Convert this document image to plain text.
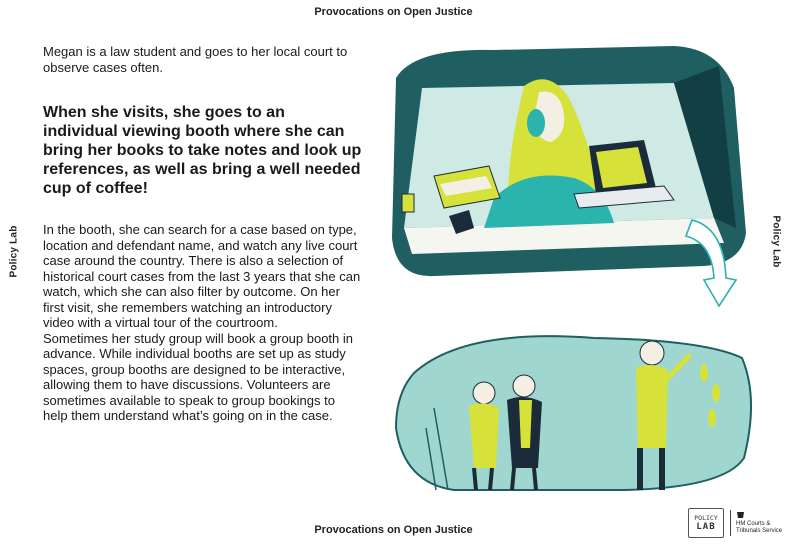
Provocations on Open Justice
Policy Lab	Policy Lab

Megan is a law student and goes to her local court to observe cases often.

When she visits, she goes to an individual viewing booth where she can bring her books to take notes and look up references, as well as bring a well needed cup of coffee!

In the booth, she can search for a case based on type, location and defendant name, and watch any live court case around the country. There is also a selection of historical court cases from the last 3 years that she can watch, which she can also filter by outcome. On her first visit, she remembers watching an introductory video with a virtual tour of the courtroom.

Sometimes her study group will book a group booth in advance. While individual booths are set up as study spaces, group booths are designed to be interactive, allowing them to have discussions. Volunteers are sometimes available to speak to group bookings to help them understand what’s going on in the case.

Provocations on Open Justice
POLICY
LAB	HM Courts &
Tribunals Service
